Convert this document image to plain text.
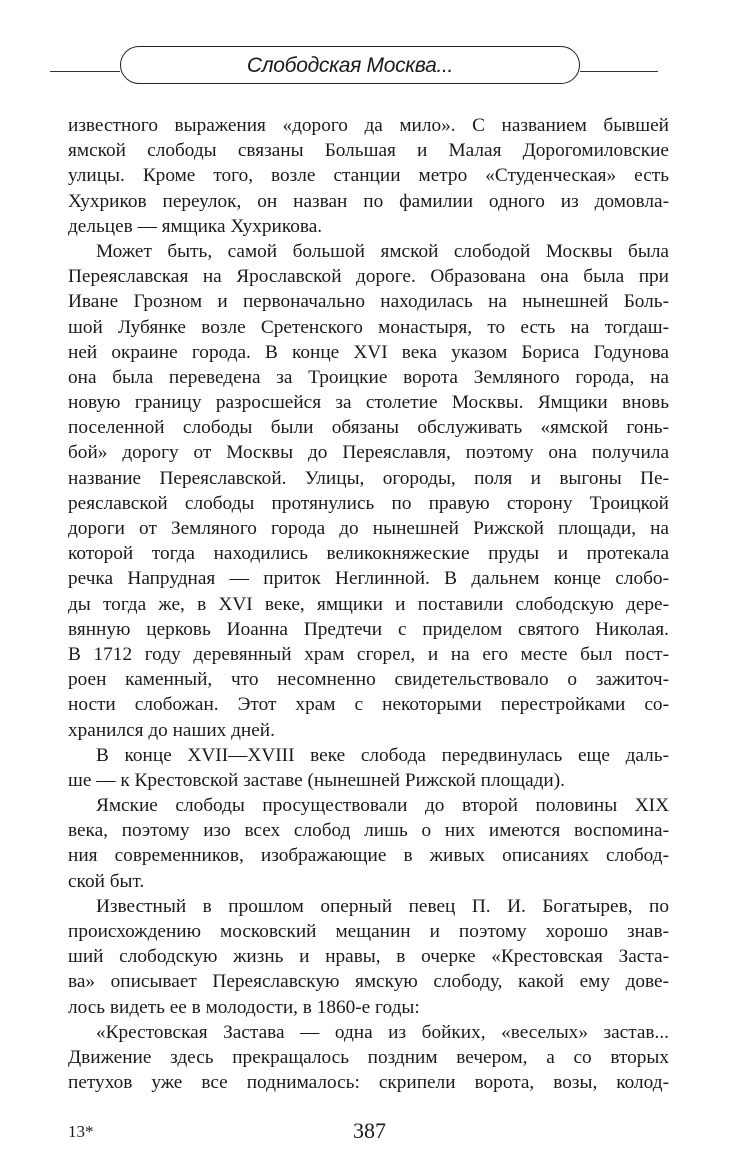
Слободская Москва...
известного выражения «дорого да мило». С названием бывшей
ямской слободы связаны Большая и Малая Дорогомиловские
улицы. Кроме того, возле станции метро «Студенческая» есть
Хухриков переулок, он назван по фамилии одного из домовла-
дельцев — ямщика Хухрикова.
Может быть, самой большой ямской слободой Москвы была
Переяславская на Ярославской дороге. Образована она была при
Иване Грозном и первоначально находилась на нынешней Боль-
шой Лубянке возле Сретенского монастыря, то есть на тогдаш-
ней окраине города. В конце XVI века указом Бориса Годунова
она была переведена за Троицкие ворота Земляного города, на
новую границу разросшейся за столетие Москвы. Ямщики вновь
поселенной слободы были обязаны обслуживать «ямской гонь-
бой» дорогу от Москвы до Переяславля, поэтому она получила
название Переяславской. Улицы, огороды, поля и выгоны Пе-
реяславской слободы протянулись по правую сторону Троицкой
дороги от Земляного города до нынешней Рижской площади, на
которой тогда находились великокняжеские пруды и протекала
речка Напрудная — приток Неглинной. В дальнем конце слобо-
ды тогда же, в XVI веке, ямщики и поставили слободскую дере-
вянную церковь Иоанна Предтечи с приделом святого Николая.
В 1712 году деревянный храм сгорел, и на его месте был пост-
роен каменный, что несомненно свидетельствовало о зажиточ-
ности слобожан. Этот храм с некоторыми перестройками со-
хранился до наших дней.
В конце XVII—XVIII веке слобода передвинулась еще даль-
ше — к Крестовской заставе (нынешней Рижской площади).
Ямские слободы просуществовали до второй половины XIX
века, поэтому изо всех слобод лишь о них имеются воспомина-
ния современников, изображающие в живых описаниях слобод-
ской быт.
Известный в прошлом оперный певец П. И. Богатырев, по
происхождению московский мещанин и поэтому хорошо знав-
ший слободскую жизнь и нравы, в очерке «Крестовская Заста-
ва» описывает Переяславскую ямскую слободу, какой ему дове-
лось видеть ее в молодости, в 1860-е годы:
«Крестовская Застава — одна из бойких, «веселых» застав...
Движение здесь прекращалось поздним вечером, а со вторых
петухов уже все поднималось: скрипели ворота, возы, колод-
13*	387
